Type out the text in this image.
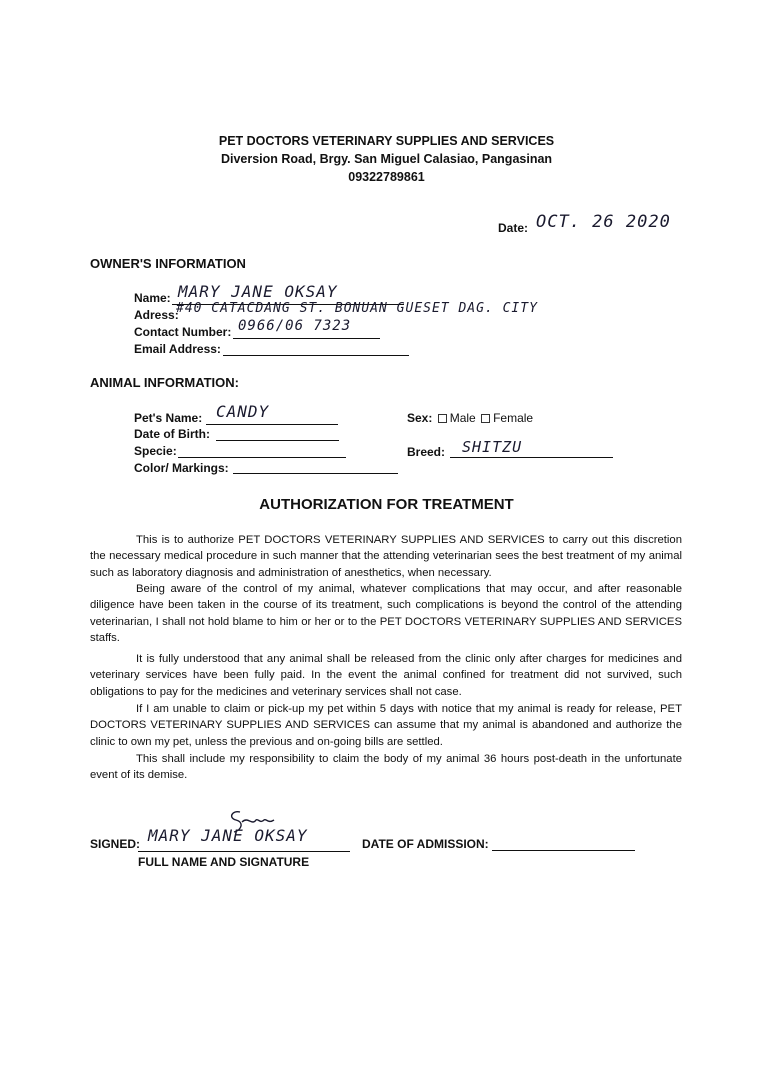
PET DOCTORS VETERINARY SUPPLIES AND SERVICES
Diversion Road, Brgy. San Miguel Calasiao, Pangasinan
09322789861
Date: OCT. 26 2020
OWNER'S INFORMATION
Name: MARY JANE OKSAY
Adress:
#40 CATACDANG ST. BONUAN GUESET DAG. CITY
Contact Number: 0966/06 7323
Email Address:
ANIMAL INFORMATION:
Pet's Name: CANDY
Date of Birth:
Specie:
Color/ Markings:
Sex: Male Female
Breed: SHITZU
AUTHORIZATION FOR TREATMENT

This is to authorize PET DOCTORS VETERINARY SUPPLIES AND SERVICES to carry out this discretion the necessary medical procedure in such manner that the attending veterinarian sees the best treatment of my animal such as laboratory diagnosis and administration of anesthetics, when necessary.

Being aware of the control of my animal, whatever complications that may occur, and after reasonable diligence have been taken in the course of its treatment, such complications is beyond the control of the attending veterinarian, I shall not hold blame to him or her or to the PET DOCTORS VETERINARY SUPPLIES AND SERVICES staffs.

It is fully understood that any animal shall be released from the clinic only after charges for medicines and veterinary services have been fully paid. In the event the animal confined for treatment did not survived, such obligations to pay for the medicines and veterinary services shall not case.

If I am unable to claim or pick-up my pet within 5 days with notice that my animal is ready for release, PET DOCTORS VETERINARY SUPPLIES AND SERVICES can assume that my animal is abandoned and authorize the clinic to own my pet, unless the previous and on-going bills are settled.

This shall include my responsibility to claim the body of my animal 36 hours post-death in the unfortunate event of its demise.

SIGNED: MARY JANE OKSAY
FULL NAME AND SIGNATURE
DATE OF ADMISSION:
